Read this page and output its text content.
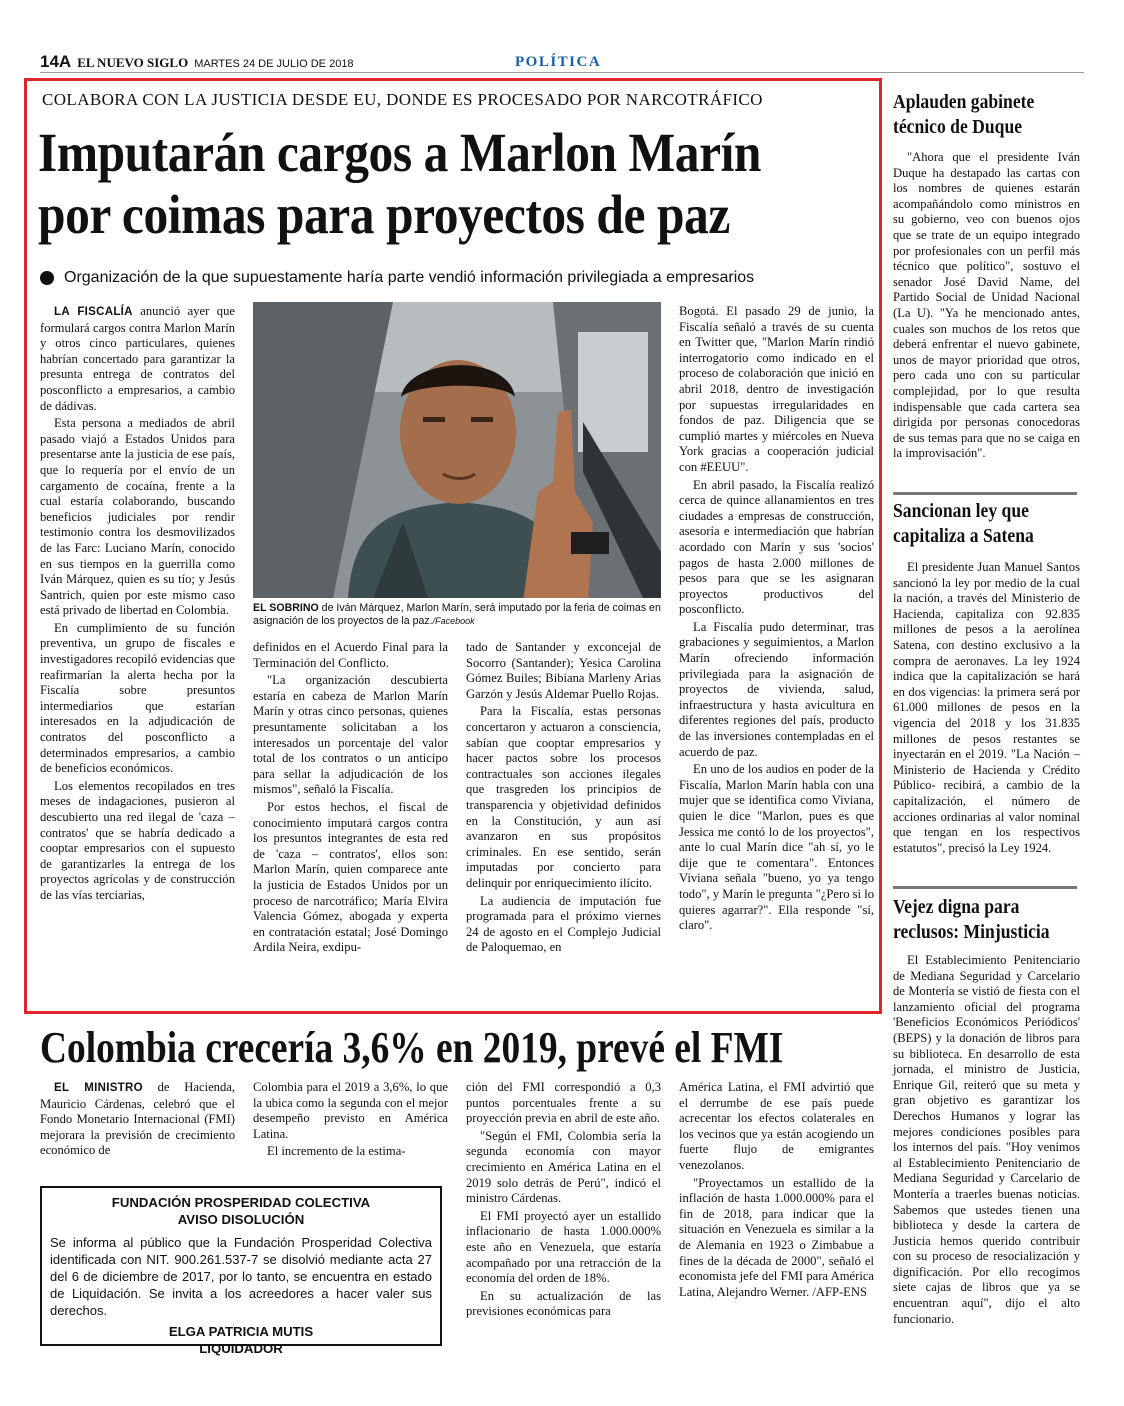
14A EL NUEVO SIGLO MARTES 24 DE JULIO DE 2018	POLÍTICA
COLABORA CON LA JUSTICIA DESDE EU, DONDE ES PROCESADO POR NARCOTRÁFICO
Imputarán cargos a Marlon Marín
por coimas para proyectos de paz
Organización de la que supuestamente haría parte vendió información privilegiada a empresarios

LA FISCALÍA anunció ayer que formulará cargos contra Marlon Marín y otros cinco particulares, quienes habrían concertado para garantizar la presunta entrega de contratos del posconflicto a empresarios, a cambio de dádivas.

Esta persona a mediados de abril pasado viajó a Estados Unidos para presentarse ante la justicia de ese país, que lo requería por el envío de un cargamento de cocaína, frente a la cual estaría colaborando, buscando beneficios judiciales por rendir testimonio contra los desmovilizados de las Farc: Luciano Marín, conocido en sus tiempos en la guerrilla como Iván Márquez, quien es su tío; y Jesús Santrich, quien por este mismo caso está privado de libertad en Colombia.

En cumplimiento de su función preventiva, un grupo de fiscales e investigadores recopiló evidencias que reafirmarían la alerta hecha por la Fiscalía sobre presuntos intermediarios que estarían interesados en la adjudicación de contratos del posconflicto a determinados empresarios, a cambio de beneficios económicos.

Los elementos recopilados en tres meses de indagaciones, pusieron al descubierto una red ilegal de 'caza – contratos' que se habría dedicado a cooptar empresarios con el supuesto de garantizarles la entrega de los proyectos agrícolas y de construcción de las vías terciarias,

EL SOBRINO de Iván Márquez, Marlon Marín, será imputado por la feria de coimas en asignación de los proyectos de la paz./Facebook

definidos en el Acuerdo Final para la Terminación del Conflicto.

"La organización descubierta estaría en cabeza de Marlon Marín Marín y otras cinco personas, quienes presuntamente solicitaban a los interesados un porcentaje del valor total de los contratos o un anticipo para sellar la adjudicación de los mismos", señaló la Fiscalía.

Por estos hechos, el fiscal de conocimiento imputará cargos contra los presuntos integrantes de esta red de 'caza – contratos', ellos son: Marlon Marín, quien comparece ante la justicia de Estados Unidos por un proceso de narcotráfico; María Elvira Valencia Gómez, abogada y experta en contratación estatal; José Domingo Ardila Neira, exdipu-

tado de Santander y exconcejal de Socorro (Santander); Yesica Carolina Gómez Builes; Bibiana Marleny Arias Garzón y Jesús Aldemar Puello Rojas.

Para la Fiscalía, estas personas concertaron y actuaron a consciencia, sabían que cooptar empresarios y hacer pactos sobre los procesos contractuales son acciones ilegales que trasgreden los principios de transparencia y objetividad definidos en la Constitución, y aun así avanzaron en sus propósitos criminales. En ese sentido, serán imputadas por concierto para delinquir por enriquecimiento ilícito.

La audiencia de imputación fue programada para el próximo viernes 24 de agosto en el Complejo Judicial de Paloquemao, en

Bogotá. El pasado 29 de junio, la Fiscalía señaló a través de su cuenta en Twitter que, "Marlon Marín rindió interrogatorio como indicado en el proceso de colaboración que inició en abril 2018, dentro de investigación por supuestas irregularidades en fondos de paz. Diligencia que se cumplió martes y miércoles en Nueva York gracias a cooperación judicial con #EEUU".

En abril pasado, la Fiscalía realizó cerca de quince allanamientos en tres ciudades a empresas de construcción, asesoría e intermediación que habrían acordado con Marín y sus 'socios' pagos de hasta 2.000 millones de pesos para que se les asignaran proyectos productivos del posconflicto.

La Fiscalía pudo determinar, tras grabaciones y seguimientos, a Marlon Marín ofreciendo información privilegiada para la asignación de proyectos de vivienda, salud, infraestructura y hasta avicultura en diferentes regiones del país, producto de las inversiones contempladas en el acuerdo de paz.

En uno de los audios en poder de la Fiscalía, Marlon Marín habla con una mujer que se identifica como Viviana, quien le dice "Marlon, pues es que Jessica me contó lo de los proyectos", ante lo cual Marín dice "ah sí, yo le dije que te comentara". Entonces Viviana señala "bueno, yo ya tengo todo", y Marín le pregunta "¿Pero si lo quieres agarrar?". Ella responde "sí, claro".

Aplauden gabinete técnico de Duque
"Ahora que el presidente Iván Duque ha destapado las cartas con los nombres de quienes estarán acompañándolo como ministros en su gobierno, veo con buenos ojos que se trate de un equipo integrado por profesionales con un perfil más técnico que político", sostuvo el senador José David Name, del Partido Social de Unidad Nacional (La U). "Ya he mencionado antes, cuales son muchos de los retos que deberá enfrentar el nuevo gabinete, unos de mayor prioridad que otros, pero cada uno con su particular complejidad, por lo que resulta indispensable que cada cartera sea dirigida por personas conocedoras de sus temas para que no se caiga en la improvisación".
Sancionan ley que capitaliza a Satena
El presidente Juan Manuel Santos sancionó la ley por medio de la cual la nación, a través del Ministerio de Hacienda, capitaliza con 92.835 millones de pesos a la aerolínea Satena, con destino exclusivo a la compra de aeronaves. La ley 1924 indica que la capitalización se hará en dos vigencias: la primera será por 61.000 millones de pesos en la vigencia del 2018 y los 31.835 millones de pesos restantes se inyectarán en el 2019. "La Nación –Ministerio de Hacienda y Crédito Público- recibirá, a cambio de la capitalización, el número de acciones ordinarias al valor nominal que tengan en los respectivos estatutos", precisó la Ley 1924.
Vejez digna para reclusos: Minjusticia
El Establecimiento Penitenciario de Mediana Seguridad y Carcelario de Montería se vistió de fiesta con el lanzamiento oficial del programa 'Beneficios Económicos Periódicos' (BEPS) y la donación de libros para su biblioteca. En desarrollo de esta jornada, el ministro de Justicia, Enrique Gil, reiteró que su meta y gran objetivo es garantizar los Derechos Humanos y lograr las mejores condiciones posibles para los internos del país. "Hoy venimos al Establecimiento Penitenciario de Mediana Seguridad y Carcelario de Montería a traerles buenas noticias. Sabemos que ustedes tienen una biblioteca y desde la cartera de Justicia hemos querido contribuir con su proceso de resocialización y dignificación. Por ello recogimos siete cajas de libros que ya se encuentran aquí", dijo el alto funcionario.
Colombia crecería 3,6% en 2019, prevé el FMI

EL MINISTRO de Hacienda, Mauricio Cárdenas, celebró que el Fondo Monetario Internacional (FMI) mejorara la previsión de crecimiento económico de

Colombia para el 2019 a 3,6%, lo que la ubica como la segunda con el mejor desempeño previsto en América Latina.

El incremento de la estima-

ción del FMI correspondió a 0,3 puntos porcentuales frente a su proyección previa en abril de este año.

"Según el FMI, Colombia sería la segunda economía con mayor crecimiento en América Latina en el 2019 solo detrás de Perú", indicó el ministro Cárdenas.

El FMI proyectó ayer un estallido inflacionario de hasta 1.000.000% este año en Venezuela, que estaría acompañado por una retracción de la economía del orden de 18%.

En su actualización de las previsiones económicas para

América Latina, el FMI advirtió que el derrumbe de ese país puede acrecentar los efectos colaterales en los vecinos que ya están acogiendo un fuerte flujo de emigrantes venezolanos.

"Proyectamos un estallido de la inflación de hasta 1.000.000% para el fin de 2018, para indicar que la situación en Venezuela es similar a la de Alemania en 1923 o Zimbabue a fines de la década de 2000", señaló el economista jefe del FMI para América Latina, Alejandro Werner. /AFP-ENS

FUNDACIÓN PROSPERIDAD COLECTIVA
AVISO DISOLUCIÓN
Se informa al público que la Fundación Prosperidad Colectiva identificada con NIT. 900.261.537-7 se disolvió mediante acta 27 del 6 de diciembre de 2017, por lo tanto, se encuentra en estado de Liquidación. Se invita a los acreedores a hacer valer sus derechos.
ELGA PATRICIA MUTIS
LIQUIDADOR
